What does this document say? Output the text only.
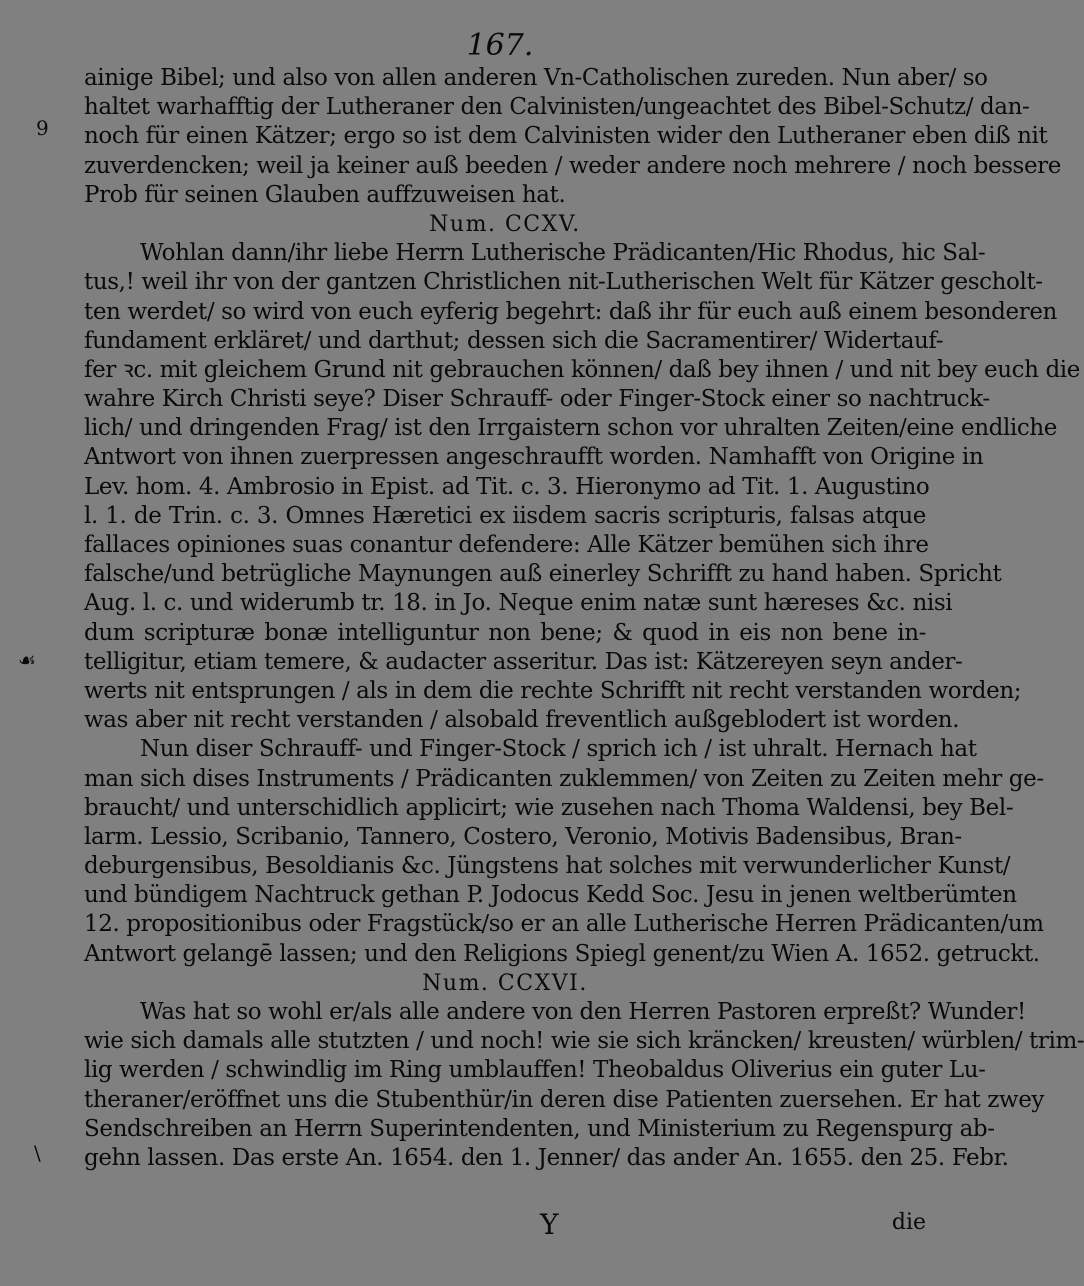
167.
9
☙
\
ainige Bibel; und also von allen anderen Vn-Catholischen zureden. Nun aber/ so
haltet warhafftig der Lutheraner den Calvinisten/ungeachtet des Bibel-Schutz/ dan-
noch für einen Kätzer; ergo so ist dem Calvinisten wider den Lutheraner eben diß nit
zuverdencken; weil ja keiner auß beeden / weder andere noch mehrere / noch bessere
Prob für seinen Glauben auffzuweisen hat.
Num. CCXV.
Wohlan dann/ihr liebe Herrn Lutherische Prädicanten/Hic Rhodus, hic Sal-
tus,! weil ihr von der gantzen Christlichen nit-Lutherischen Welt für Kätzer gescholt-
ten werdet/ so wird von euch eyferig begehrt: daß ihr für euch auß einem besonderen
fundament erkläret/ und darthut; dessen sich die Sacramentirer/ Widertauf-
fer ꝛc. mit gleichem Grund nit gebrauchen können/ daß bey ihnen / und nit bey euch die
wahre Kirch Christi seye? Diser Schrauff- oder Finger-Stock einer so nachtruck-
lich/ und dringenden Frag/ ist den Irrgaistern schon vor uhralten Zeiten/eine endliche
Antwort von ihnen zuerpressen angeschraufft worden. Namhafft von Origine in
Lev. hom. 4. Ambrosio in Epist. ad Tit. c. 3. Hieronymo ad Tit. 1. Augustino
l. 1. de Trin. c. 3. Omnes Hæretici ex iisdem sacris scripturis, falsas atque
fallaces opiniones suas conantur defendere: Alle Kätzer bemühen sich ihre
falsche/und betrügliche Maynungen auß einerley Schrifft zu hand haben. Spricht
Aug. l. c. und widerumb tr. 18. in Jo. Neque enim natæ sunt hæreses &c. nisi
dum scripturæ bonæ intelliguntur non bene; & quod in eis non bene in-
telligitur, etiam temere, & audacter asseritur. Das ist: Kätzereyen seyn ander-
werts nit entsprungen / als in dem die rechte Schrifft nit recht verstanden worden;
was aber nit recht verstanden / alsobald freventlich außgeblodert ist worden.
Nun diser Schrauff- und Finger-Stock / sprich ich / ist uhralt. Hernach hat
man sich dises Instruments / Prädicanten zuklemmen/ von Zeiten zu Zeiten mehr ge-
braucht/ und unterschidlich applicirt; wie zusehen nach Thoma Waldensi, bey Bel-
larm. Lessio, Scribanio, Tannero, Costero, Veronio, Motivis Badensibus, Bran-
deburgensibus, Besoldianis &c. Jüngstens hat solches mit verwunderlicher Kunst/
und bündigem Nachtruck gethan P. Jodocus Kedd Soc. Jesu in jenen weltberümten
12. propositionibus oder Fragstück/so er an alle Lutherische Herren Prädicanten/um
Antwort gelangē lassen; und den Religions Spiegl genent/zu Wien A. 1652. getruckt.
Num. CCXVI.
Was hat so wohl er/als alle andere von den Herren Pastoren erpreßt? Wunder!
wie sich damals alle stutzten / und noch! wie sie sich kräncken/ kreusten/ würblen/ trim-
lig werden / schwindlig im Ring umblauffen! Theobaldus Oliverius ein guter Lu-
theraner/eröffnet uns die Stubenthür/in deren dise Patienten zuersehen. Er hat zwey
Sendschreiben an Herrn Superintendenten, und Ministerium zu Regenspurg ab-
gehn lassen. Das erste An. 1654. den 1. Jenner/ das ander An. 1655. den 25. Febr.
Y	die
